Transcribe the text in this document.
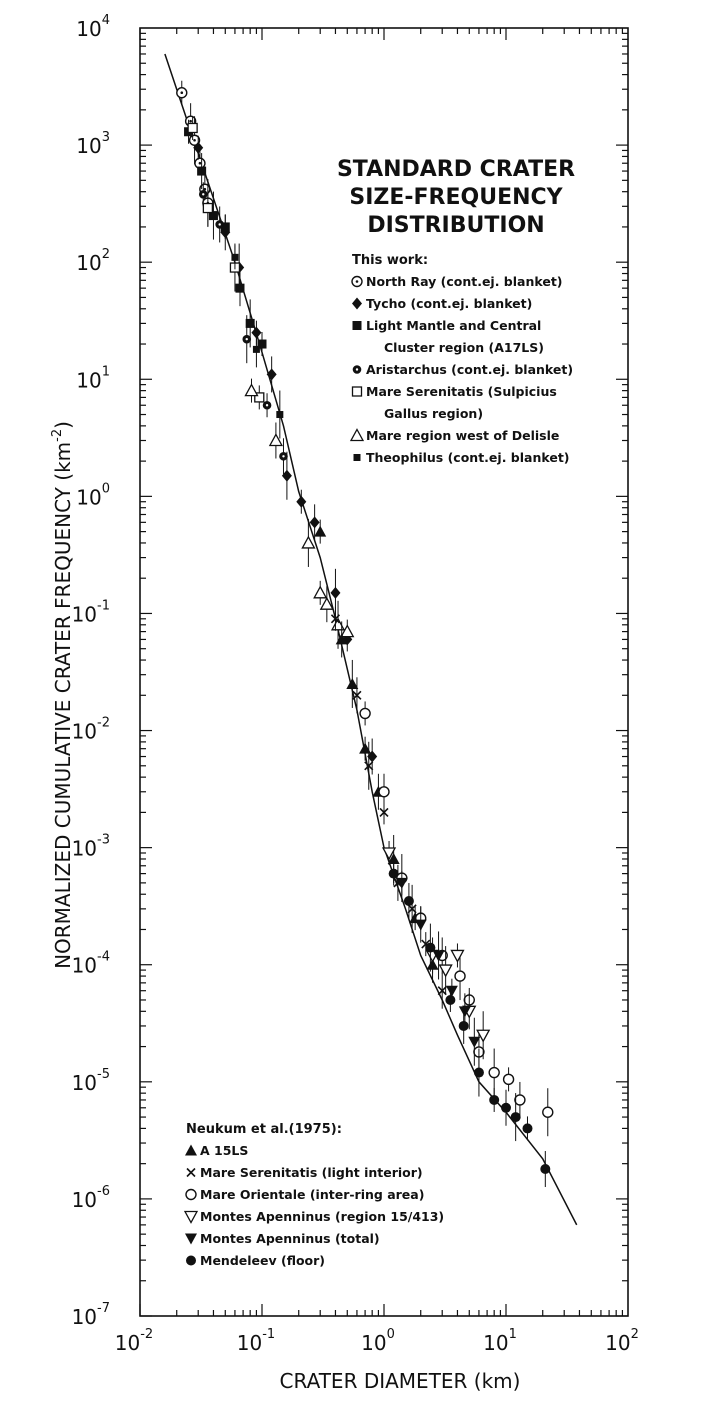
NORMALIZED CUMULATIVE CRATER FREQUENCY $(km^{-2})$
$10^{-2}$	$10^{-1}$	$10^0$	$10^1$	$10^2$
$10^4$
$10^3$
$10^2$
$10^1$
$10^0$
$10^{-1}$
$10^{-2}$
$10^{-3}$
$10^{-4}$
$10^{-5}$
$10^{-6}$
$10^{-7}$
STANDARD CRATER
SIZE-FREQUENCY
DISTRIBUTION
This work:
North Ray (cont.ej. blanket)
Tycho (cont.ej. blanket)
Light Mantle and Central
Cluster region (A17LS)
Aristarchus (cont.ej. blanket)
Mare Serenitatis (Sulpicius
Gallus region)
Mare region west of Delisle
Theophilus (cont.ej. blanket)
Neukum et al.(1975):
A 15LS
Mare Serenitatis (light interior)
Mare Orientale (inter-ring area)
Montes Apenninus (region 15/413)
Montes Apenninus (total)
Mendeleev (floor)
CRATER DIAMETER (km)
